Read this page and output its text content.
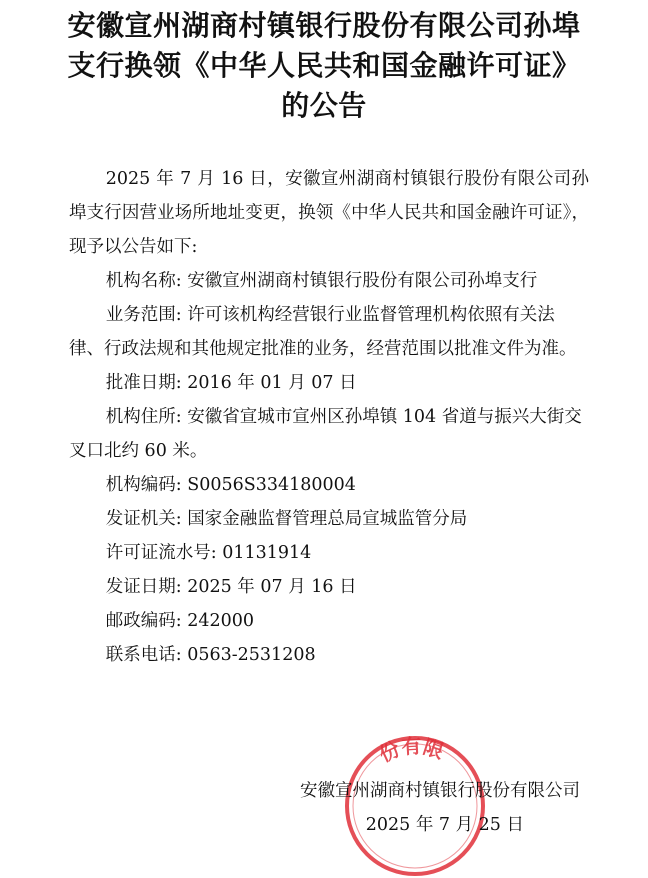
安徽宣州湖商村镇银行股份有限公司孙埠
支行换领《中华人民共和国金融许可证》
的公告

2025 年 7 月 16 日，安徽宣州湖商村镇银行股份有限公司孙埠支行因营业场所地址变更，换领《中华人民共和国金融许可证》，现予以公告如下:

机构名称: 安徽宣州湖商村镇银行股份有限公司孙埠支行

业务范围: 许可该机构经营银行业监督管理机构依照有关法律、行政法规和其他规定批准的业务，经营范围以批准文件为准。

批准日期: 2016 年 01 月 07 日

机构住所: 安徽省宣城市宣州区孙埠镇 104 省道与振兴大街交叉口北约 60 米。

机构编码: S0056S334180004

发证机关: 国家金融监督管理总局宣城监管分局

许可证流水号: 01131914

发证日期: 2025 年 07 月 16 日

邮政编码: 242000

联系电话: 0563-2531208

份有限
安徽宣州湖商村镇银行股份有限公司
2025 年 7 月 25 日
